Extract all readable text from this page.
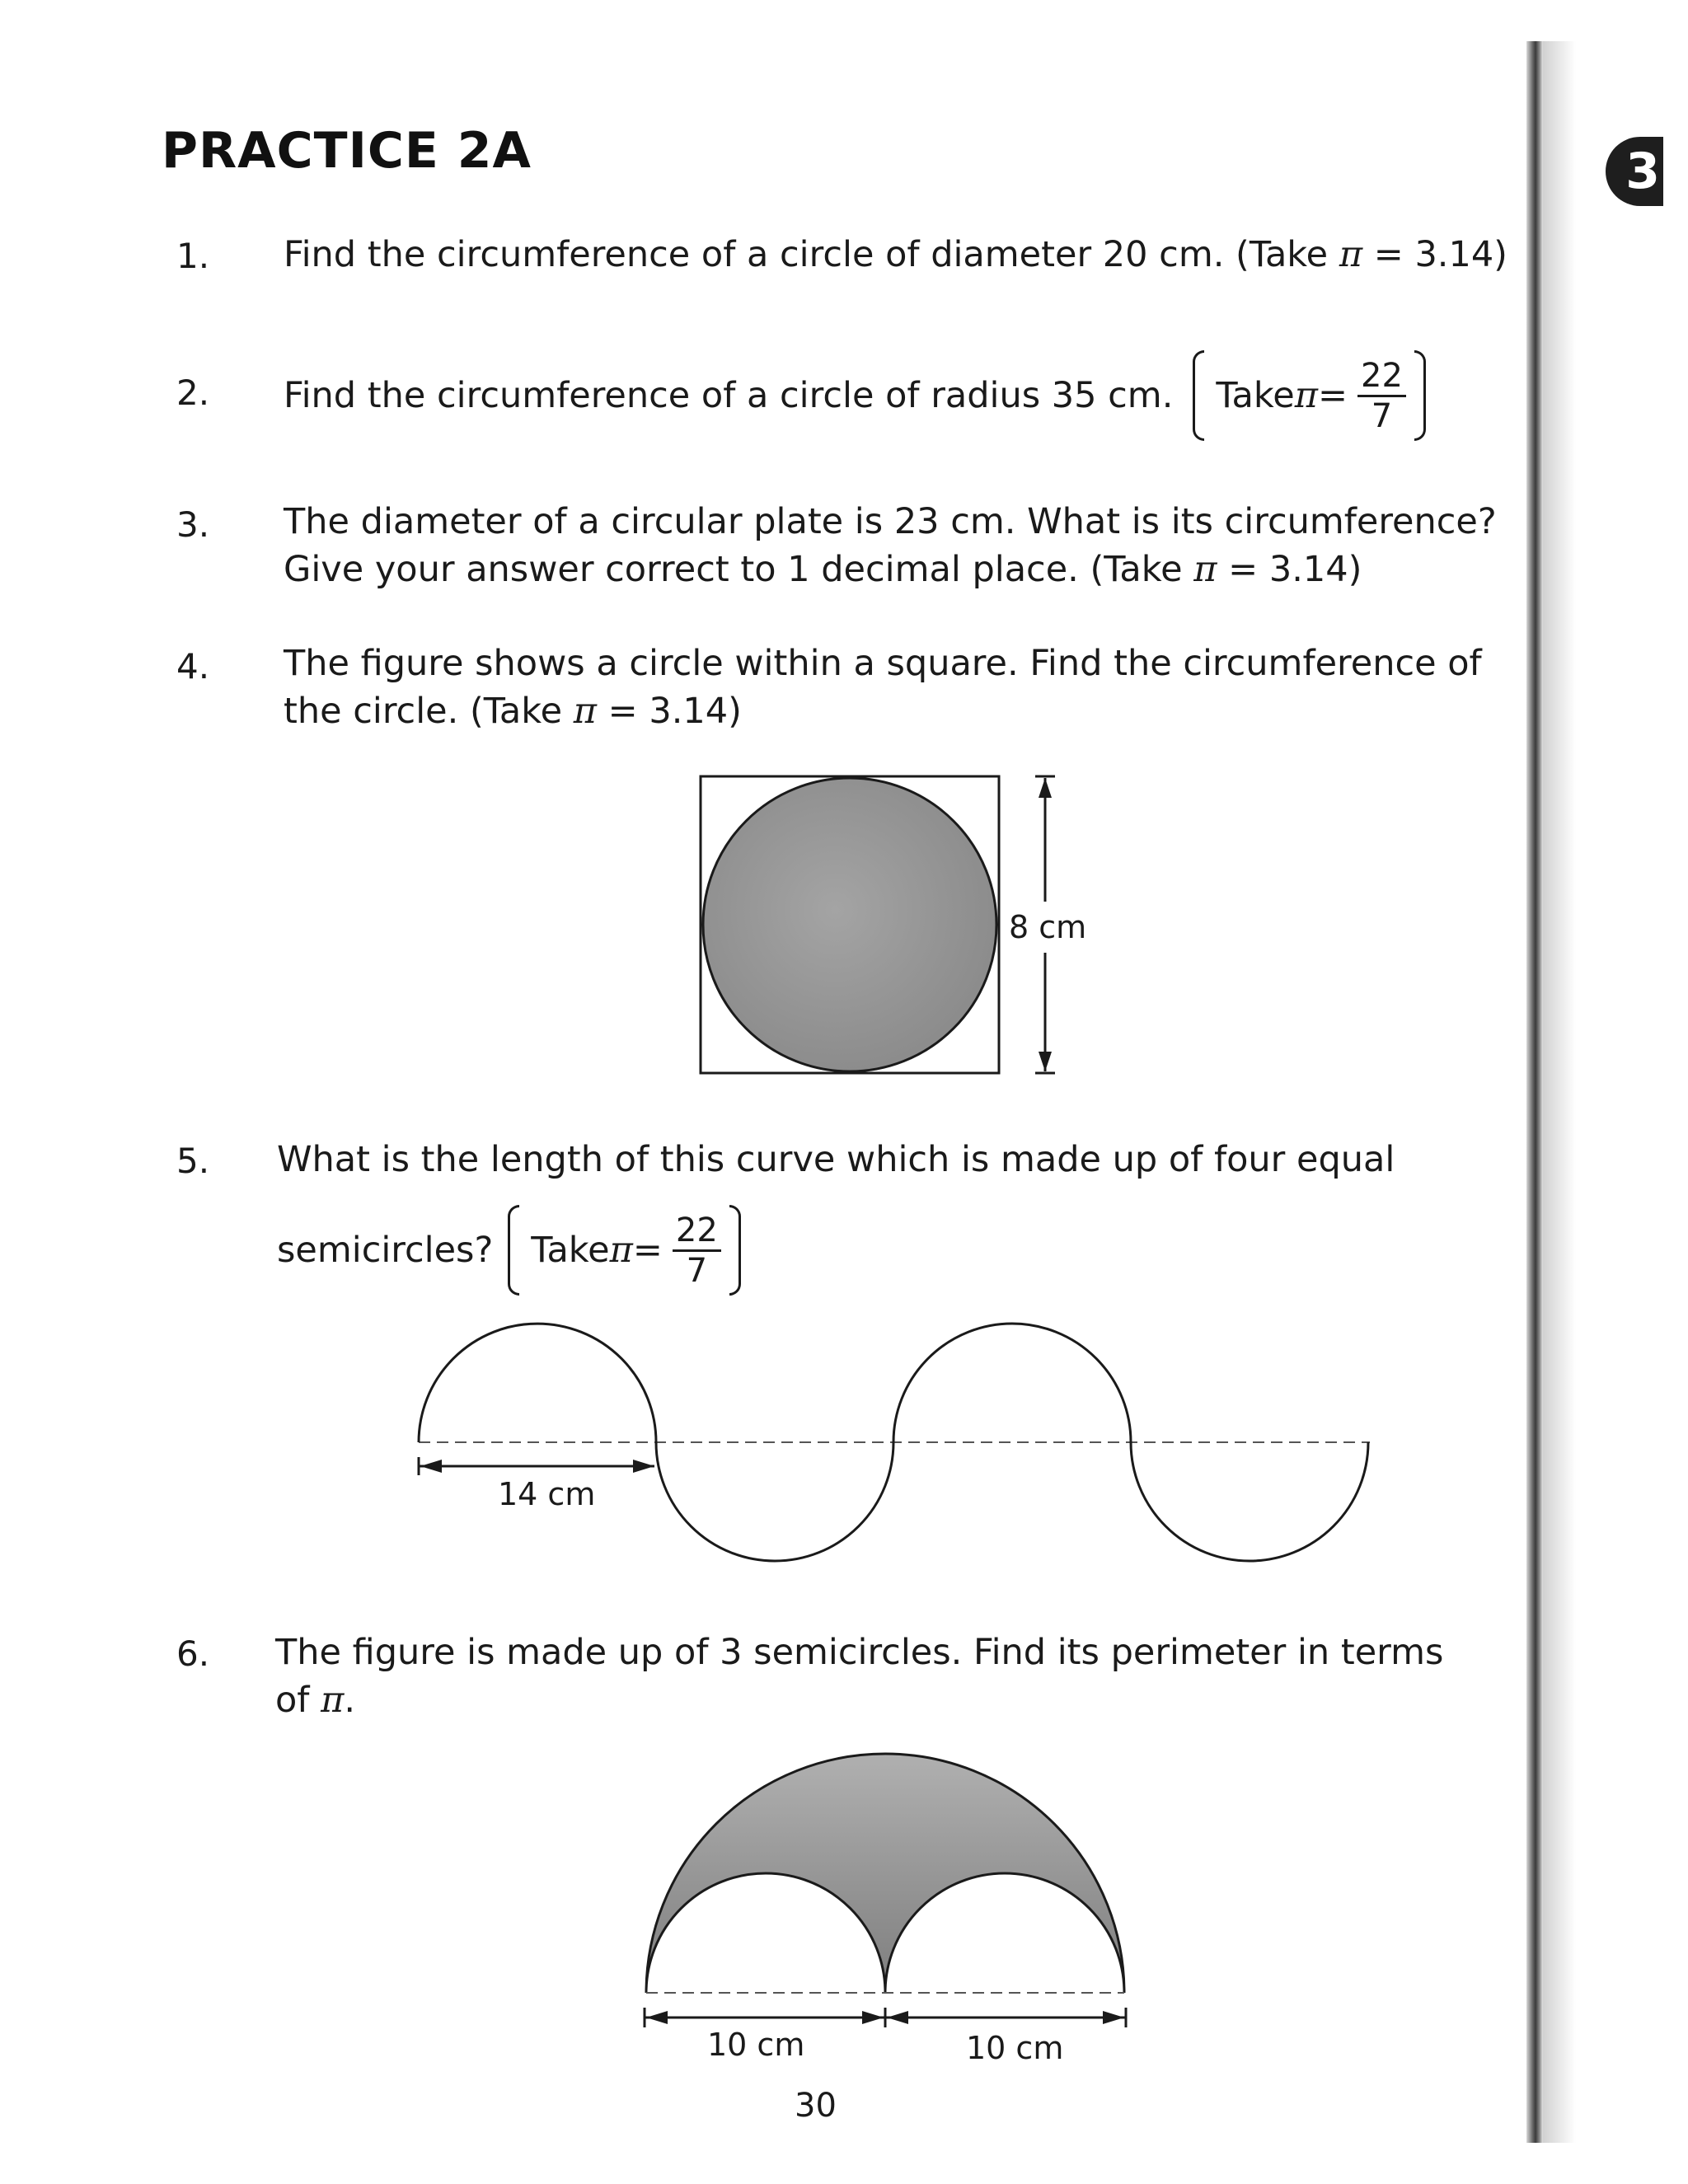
3
PRACTICE 2A
1. Find the circumference of a circle of diameter 20 cm. (Take π = 3.14)
2. Find the circumference of a circle of radius 35 cm. Take $\pi = \frac{22}{7}$
3. The diameter of a circular plate is 23 cm. What is its circumference?
Give your answer correct to 1 decimal place. (Take π = 3.14)
4. The figure shows a circle within a square. Find the circumference of
the circle. (Take π = 3.14)
8 cm
14 cm
10 cm	10 cm
5. What is the length of this curve which is made up of four equal
semicircles? Take $\pi = \frac{22}{7}$
6. The figure is made up of 3 semicircles. Find its perimeter in terms
of π.
30
